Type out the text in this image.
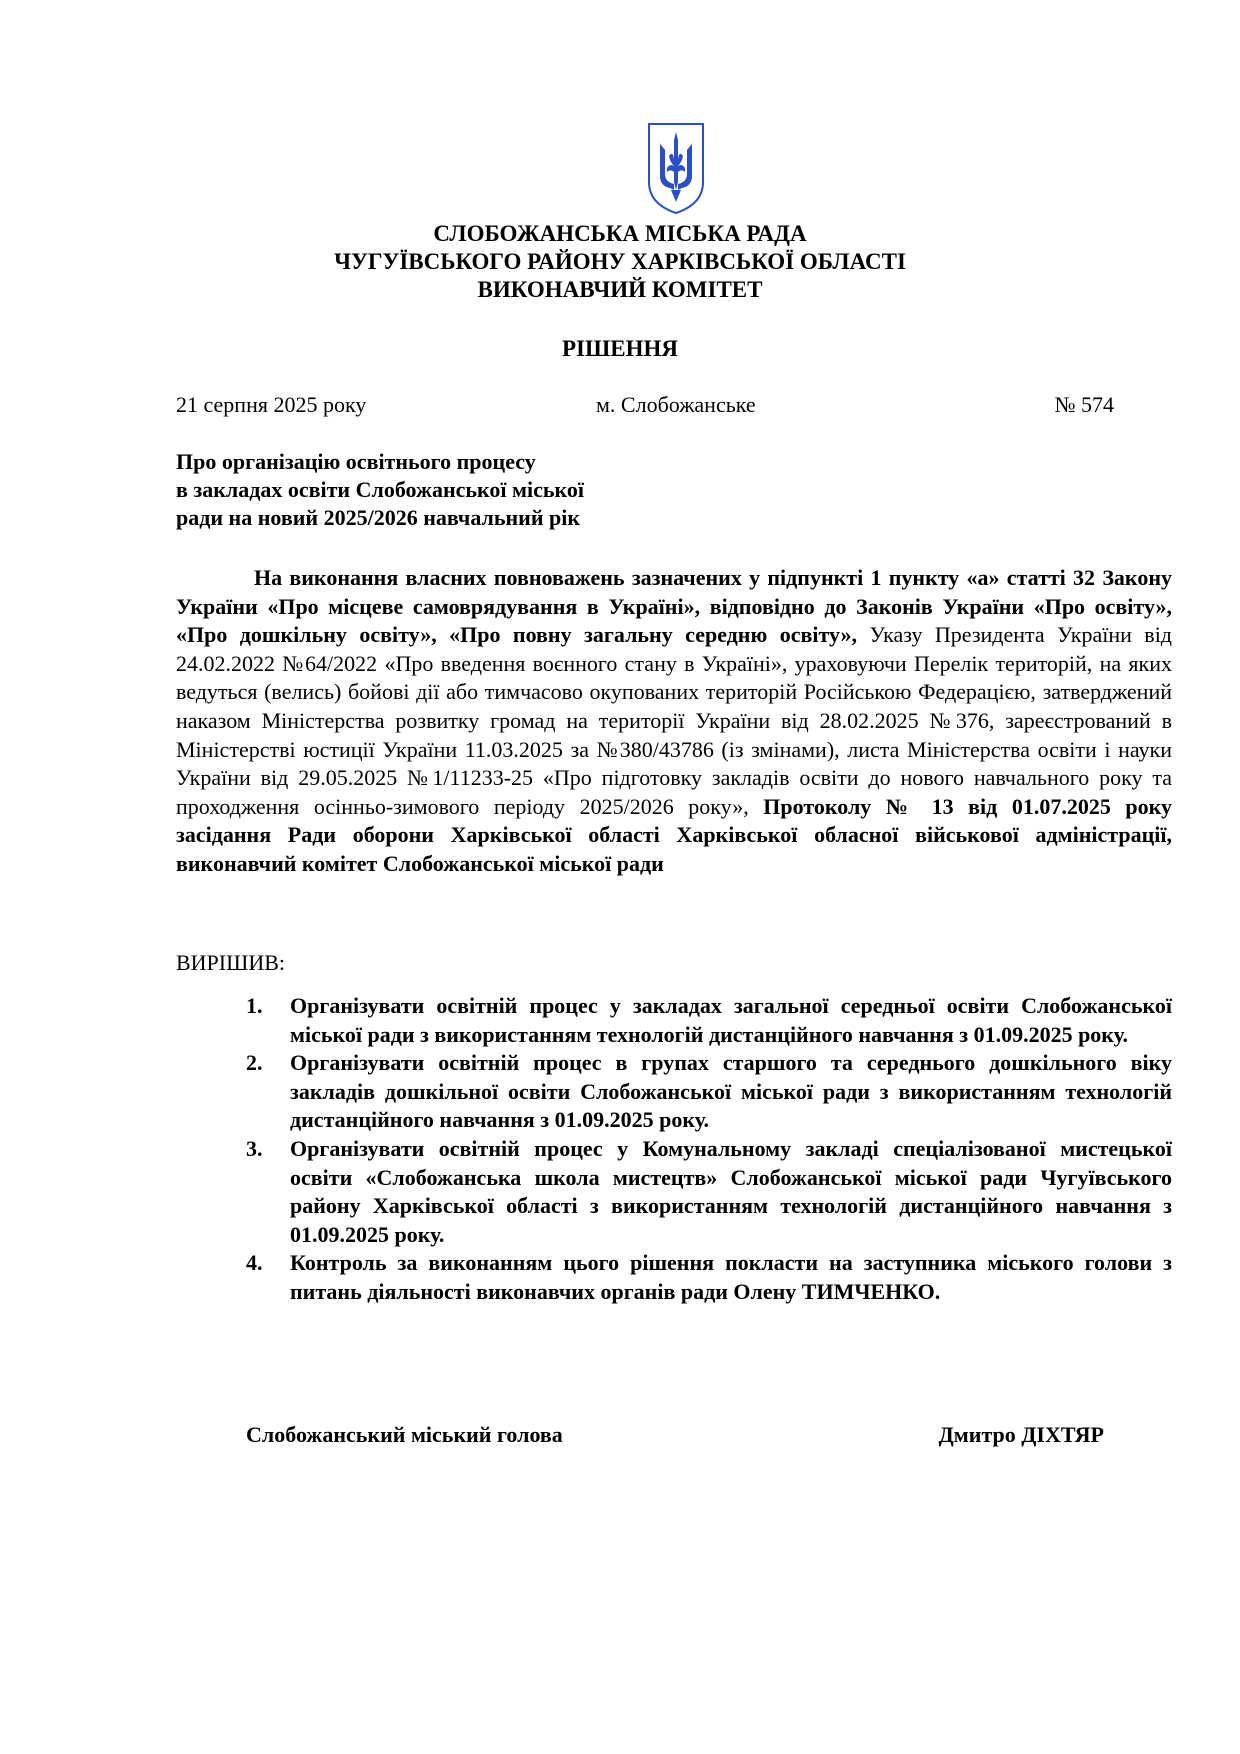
СЛОБОЖАНСЬКА МІСЬКА РАДА
ЧУГУЇВСЬКОГО РАЙОНУ ХАРКІВСЬКОЇ ОБЛАСТІ
ВИКОНАВЧИЙ КОМІТЕТ
РІШЕННЯ
21 серпня 2025 року	м. Слобожанське	№ 574
Про організацію освітнього процесу
в закладах освіти Слобожанської міської
ради на новий 2025/2026 навчальний рік
На виконання власних повноважень зазначених у підпункті 1 пункту «а» статті 32 Закону України «Про місцеве самоврядування в Україні», відповідно до Законів України «Про освіту», «Про дошкільну освіту», «Про повну загальну середню освіту», Указу Президента України від 24.02.2022 №64/2022 «Про введення воєнного стану в Україні», ураховуючи Перелік територій, на яких ведуться (велись) бойові дії або тимчасово окупованих територій Російською Федерацією, затверджений наказом Міністерства розвитку громад на території України від 28.02.2025 №376, зареєстрований в Міністерстві юстиції України 11.03.2025 за №380/43786 (із змінами), листа Міністерства освіти і науки України від 29.05.2025 №1/11233-25 «Про підготовку закладів освіти до нового навчального року та проходження осінньо-зимового періоду 2025/2026 року», Протоколу № 13 від 01.07.2025 року засідання Ради оборони Харківської області Харківської обласної військової адміністрації, виконавчий комітет Слобожанської міської ради
ВИРІШИВ:
1. Організувати освітній процес у закладах загальної середньої освіти Слобожанської міської ради з використанням технологій дистанційного навчання з 01.09.2025 року.
2. Організувати освітній процес в групах старшого та середнього дошкільного віку закладів дошкільної освіти Слобожанської міської ради з використанням технологій дистанційного навчання з 01.09.2025 року.
3. Організувати освітній процес у Комунальному закладі спеціалізованої мистецької освіти «Слобожанська школа мистецтв» Слобожанської міської ради Чугуївського району Харківської області з використанням технологій дистанційного навчання з 01.09.2025 року.
4. Контроль за виконанням цього рішення покласти на заступника міського голови з питань діяльності виконавчих органів ради Олену ТИМЧЕНКО.
Слобожанський міський голова	Дмитро ДІХТЯР
